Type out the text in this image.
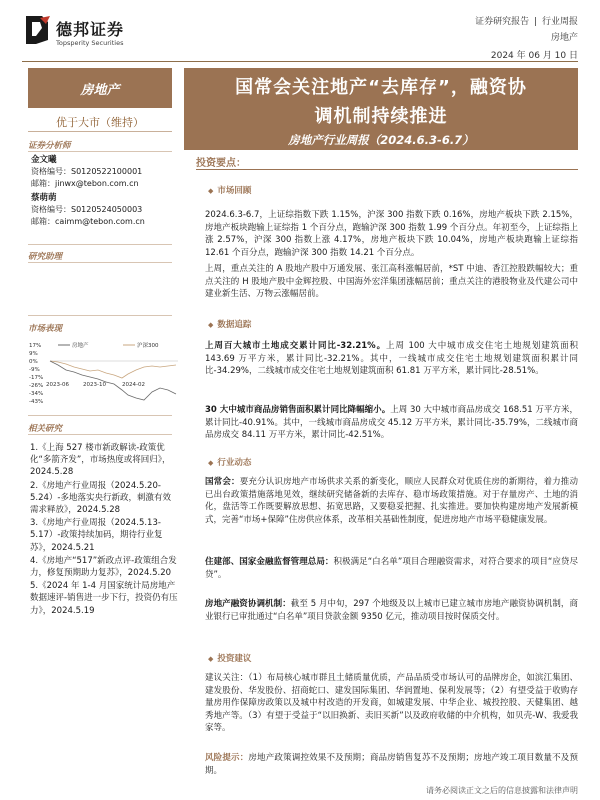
德邦证券
Topsperity Securities
证券研究报告 | 行业周报
房地产
2024 年 06 月 10 日
房地产
优于大市（维持）
证券分析师
金文曦
资格编号：S0120522100001
邮箱：jinwx@tebon.com.cn
蔡萌萌
资格编号：S0120524050003
邮箱：caimm@tebon.com.cn
研究助理
市场表现
17%
9%
0%
-9%
-17%
-26%
-34%
-43%
2023-06	2023-10	2024-02
房地产	沪深300
相关研究
1.《上海 527 楼市新政解读-政策优化“多箭齐发”，市场热度或将回归》，2024.5.28
2.《房地产行业周报（2024.5.20-5.24）-多地落实央行新政，刺激有效需求释放》，2024.5.28
3.《房地产行业周报（2024.5.13-5.17）-政策持续加码，期待行业复苏》，2024.5.21
4.《房地产“517”新政点评-政策组合发力，修复预期助力复苏》，2024.5.20
5.《2024 年 1-4 月国家统计局房地产数据速评-销售进一步下行，投资仍有压力》，2024.5.19
国常会关注地产“去库存”，融资协
调机制持续推进
房地产行业周报（2024.6.3-6.7）
投资要点：
◆ 市场回顾
2024.6.3-6.7，上证综指数下跌 1.15%，沪深 300 指数下跌 0.16%，房地产板块下跌 2.15%，房地产板块跑输上证综指 1 个百分点，跑输沪深 300 指数 1.99 个百分点。年初至今，上证综指上涨 2.57%，沪深 300 指数上涨 4.17%，房地产板块下跌 10.04%，房地产板块跑输上证综指 12.61 个百分点，跑输沪深 300 指数 14.21 个百分点。
上周，重点关注的 A 股地产股中万通发展、张江高科涨幅居前，*ST 中迪、香江控股跌幅较大；重点关注的 H 股地产股中金辉控股、中国海外宏洋集团涨幅居前；重点关注的港股物业及代建公司中建业新生活、万物云涨幅居前。
◆ 数据追踪
上周百大城市土地成交累计同比-32.21%。上周 100 大中城市成交住宅土地规划建筑面积 143.69 万平方米，累计同比-32.21%。其中，一线城市成交住宅土地规划建筑面积累计同比-34.29%，二线城市成交住宅土地规划建筑面积 61.81 万平方米，累计同比-28.51%。
30 大中城市商品房销售面积累计同比降幅缩小。上周 30 大中城市商品房成交 168.51 万平方米，累计同比-40.91%。其中，一线城市商品房成交 45.12 万平方米，累计同比-35.79%，二线城市商品房成交 84.11 万平方米，累计同比-42.51%。
◆ 行业动态
国常会：要充分认识房地产市场供求关系的新变化，顺应人民群众对优质住房的新期待，着力推动已出台政策措施落地见效，继续研究储备新的去库存、稳市场政策措施。对于存量房产、土地的消化，盘活等工作既要解放思想、拓宽思路，又要稳妥把握、扎实推进。要加快构建房地产发展新模式，完善“市场+保障”住房供应体系，改革相关基础性制度，促进房地产市场平稳健康发展。
住建部、国家金融监督管理总局：积极满足“白名单”项目合理融资需求，对符合要求的项目“应贷尽贷”。
房地产融资协调机制：截至 5 月中旬，297 个地级及以上城市已建立城市房地产融资协调机制，商业银行已审批通过“白名单”项目贷款金额 9350 亿元，推动项目按时保质交付。
◆ 投资建议
建议关注：（1）布局核心城市群且土储质量优质，产品品质受市场认可的品牌房企，如滨江集团、建发股份、华发股份、招商蛇口、建发国际集团、华润置地、保利发展等；（2）有望受益于收购存量房用作保障房政策以及城中村改造的开发商，如城建发展、中华企业、城投控股、天健集团、越秀地产等。（3）有望于受益于“以旧换新、卖旧买新”以及政府收储的中介机构，如贝壳-W、我爱我家等。
风险提示：房地产政策调控效果不及预期；商品房销售复苏不及预期；房地产竣工项目数量不及预期。
请务必阅读正文之后的信息披露和法律声明
